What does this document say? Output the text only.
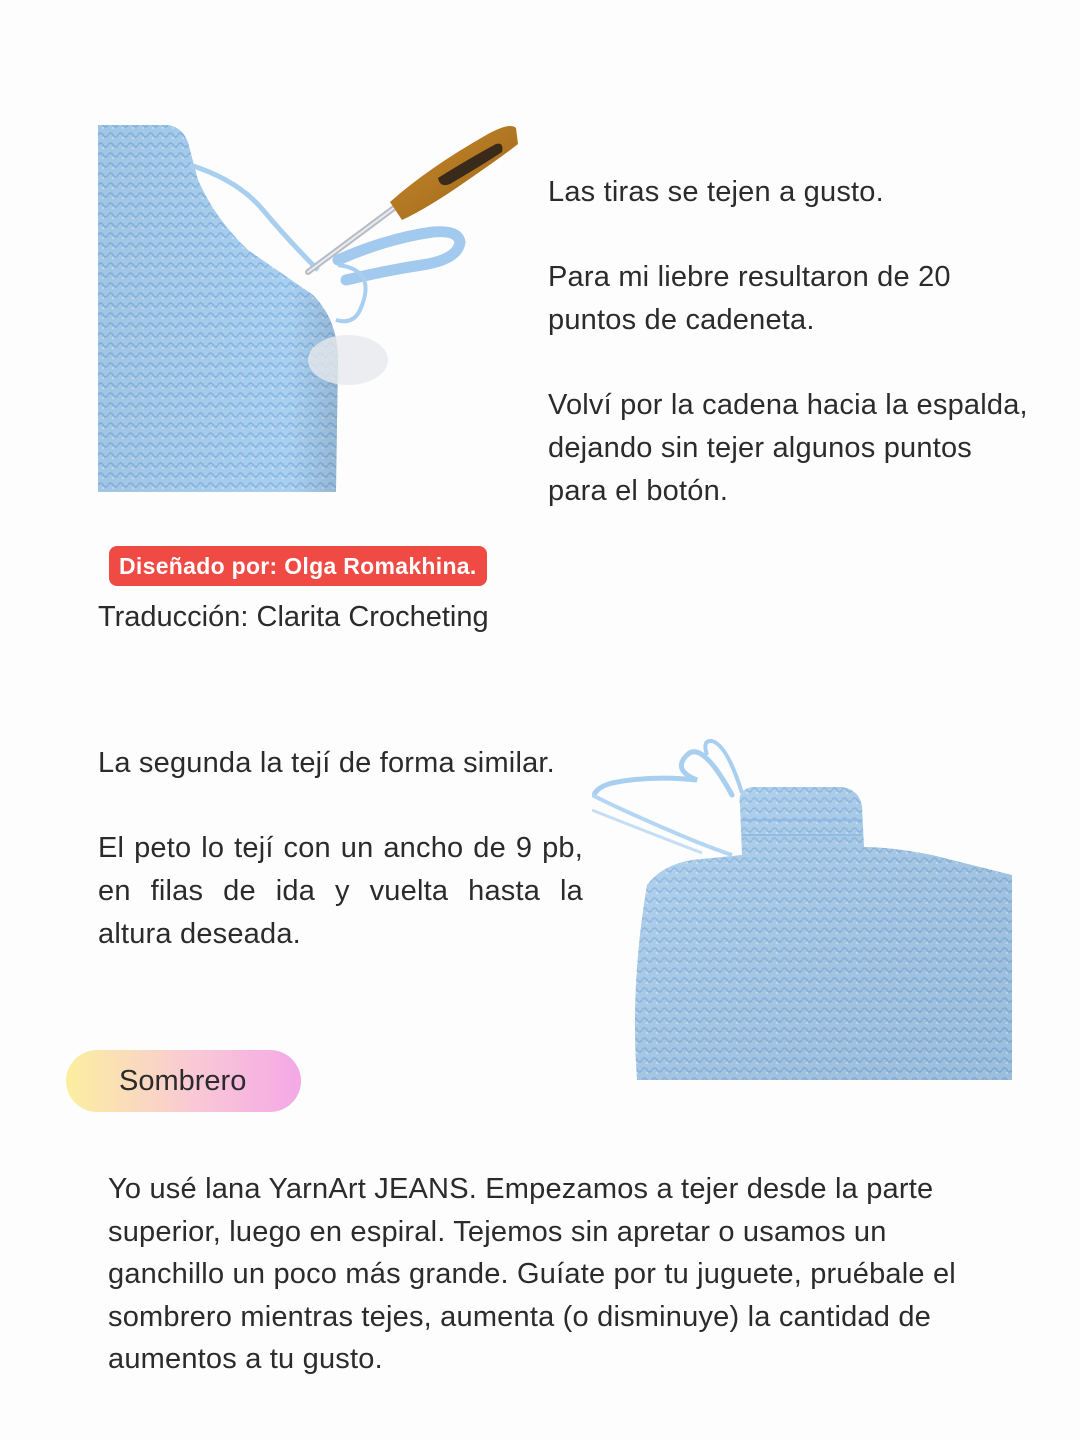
Las tiras se tejen a gusto.

Para mi liebre resultaron de 20 puntos de cadeneta.

Volví por la cadena hacia la espalda, dejando sin tejer algunos puntos para el botón.

Diseñado por: Olga Romakhina.
Traducción: Clarita Crocheting

La segunda la tejí de forma similar.

El peto lo tejí con un ancho de 9 pb, en filas de ida y vuelta hasta la altura deseada.

Sombrero

Yo usé lana YarnArt JEANS. Empezamos a tejer desde la parte superior, luego en espiral. Tejemos sin apretar o usamos un ganchillo un poco más grande. Guíate por tu juguete, pruébale el sombrero mientras tejes, aumenta (o disminuye) la cantidad de aumentos a tu gusto.
